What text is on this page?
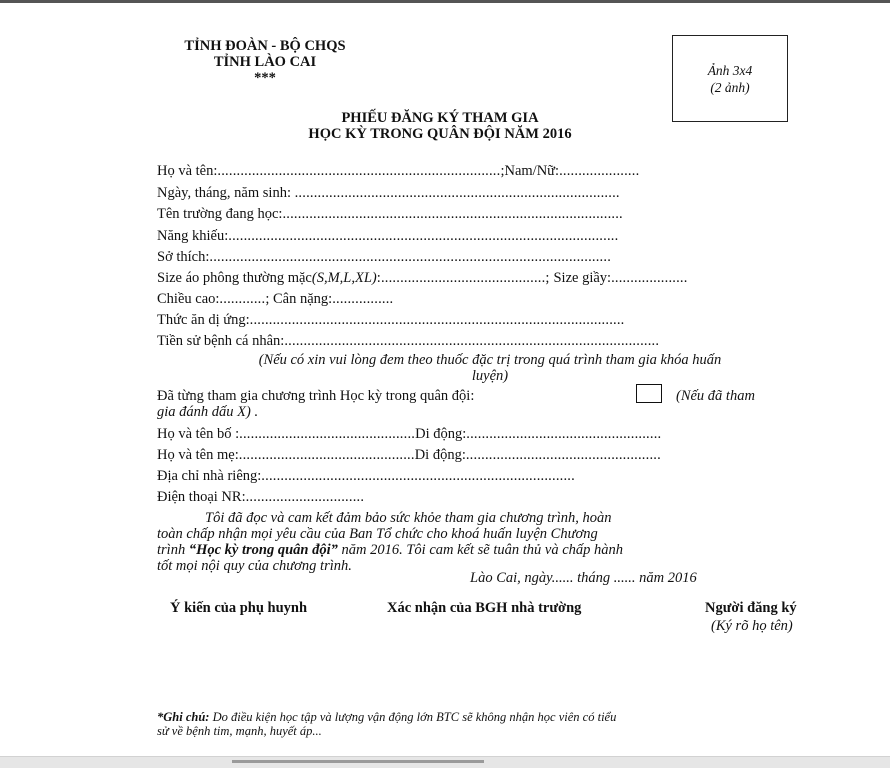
TỈNH ĐOÀN - BỘ CHQS
TỈNH LÀO CAI
***	Ảnh 3x4
(2 ảnh)
PHIẾU ĐĂNG KÝ THAM GIA
HỌC KỲ TRONG QUÂN ĐỘI NĂM 2016
Họ và tên:..........................................................................;Nam/Nữ:.....................
Ngày, tháng, năm sinh: .....................................................................................
Tên trường đang học:.........................................................................................
Năng khiếu:......................................................................................................
Sở thích:.........................................................................................................
Size áo phông thường mặc(S,M,L,XL):...........................................; Size giầy:....................
Chiều cao:............; Cân nặng:................
Thức ăn dị ứng:..................................................................................................
Tiền sử bệnh cá nhân:..................................................................................................
(Nếu có xin vui lòng đem theo thuốc đặc trị trong quá trình tham gia khóa huấn
luyện)
Đã từng tham gia chương trình Học kỳ trong quân đội:	(Nếu đã tham
gia đánh dấu X) .
Họ và tên bố :..............................................Di động:...................................................
Họ và tên mẹ:..............................................Di động:...................................................
Địa chỉ nhà riêng:..................................................................................
Điện thoại NR:...............................
Tôi đã đọc và cam kết đảm bảo sức khỏe tham gia chương trình, hoàn
toàn chấp nhận mọi yêu cầu của Ban Tổ chức cho khoá huấn luyện Chương
trình “Học kỳ trong quân đội” năm 2016. Tôi cam kết sẽ tuân thủ và chấp hành
tốt mọi nội quy của chương trình.
Lào Cai, ngày...... tháng ...... năm 2016
Ý kiến của phụ huynh	Xác nhận của BGH nhà trường	Người đăng ký
(Ký rõ họ tên)
*Ghi chú: Do điều kiện học tập và lượng vận động lớn BTC sẽ không nhận học viên có tiểu
sử về bệnh tim, mạnh, huyết áp...
